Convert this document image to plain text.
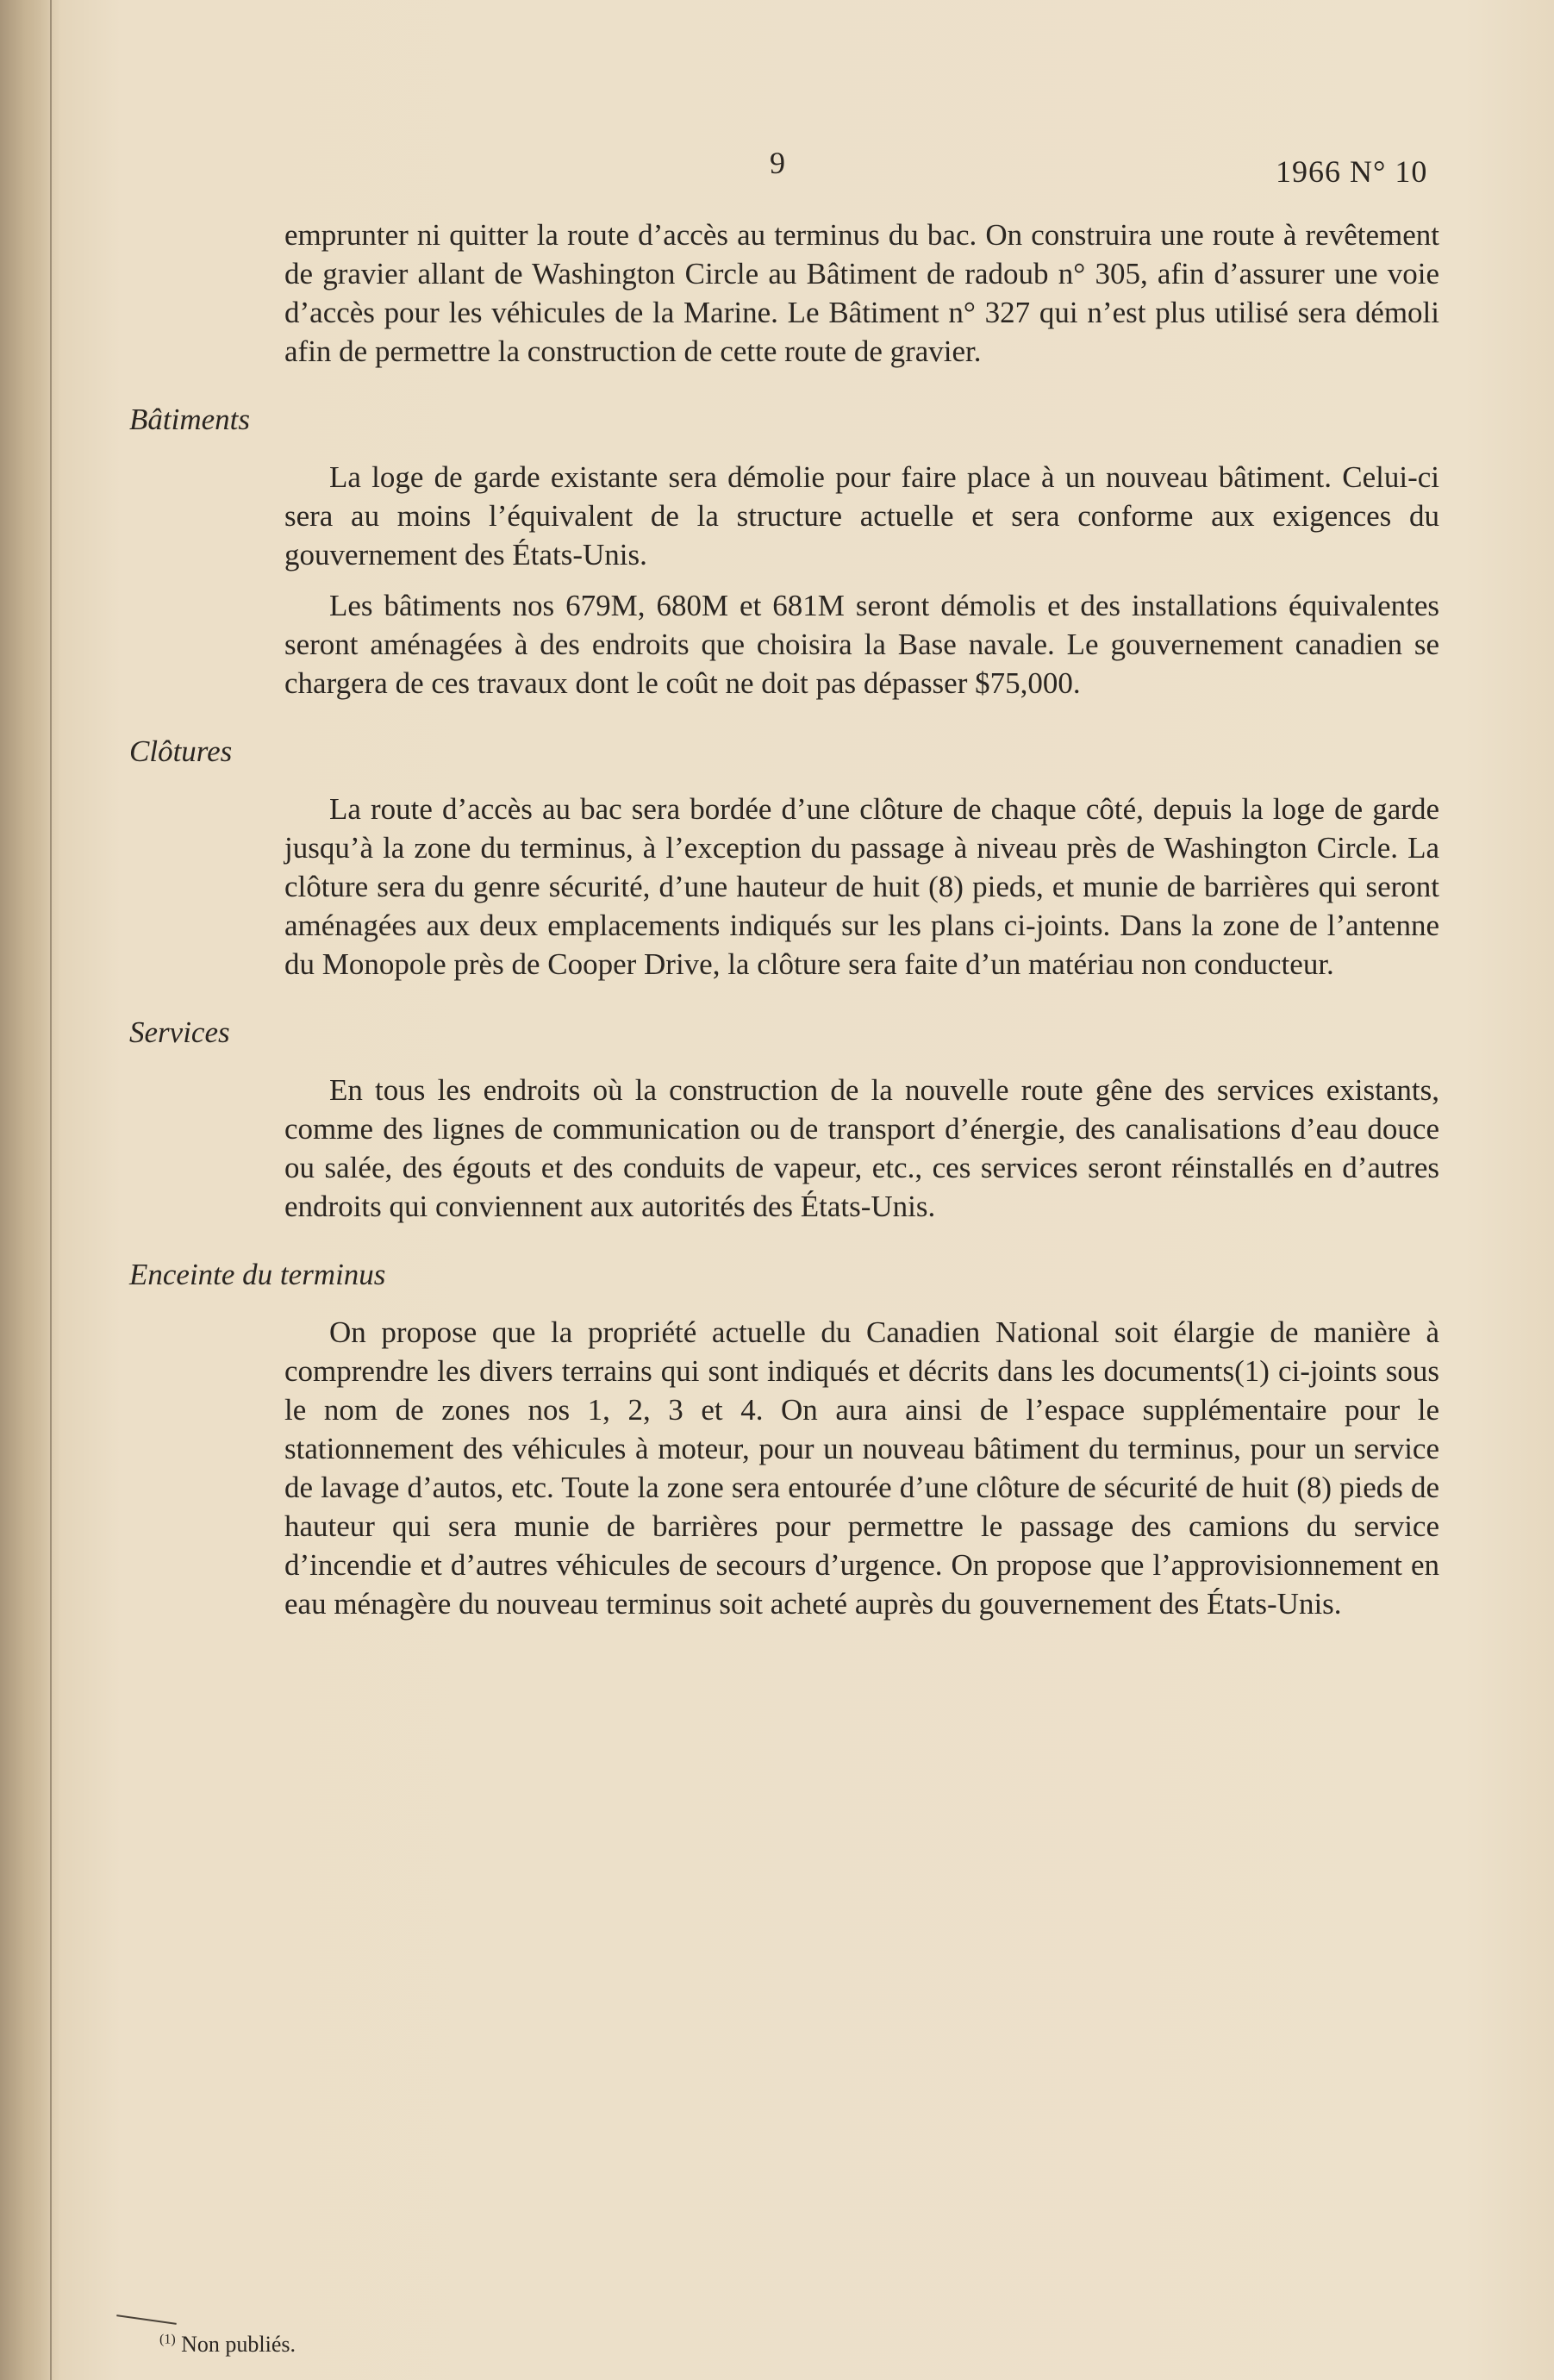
9	1966 N° 10

emprunter ni quitter la route d’accès au terminus du bac. On construira une route à revêtement de gravier allant de Washington Circle au Bâtiment de radoub n° 305, afin d’assurer une voie d’accès pour les véhicules de la Marine. Le Bâtiment n° 327 qui n’est plus utilisé sera démoli afin de permettre la construction de cette route de gravier.

Bâtiments

La loge de garde existante sera démolie pour faire place à un nouveau bâtiment. Celui-ci sera au moins l’équivalent de la structure actuelle et sera conforme aux exigences du gouvernement des États-Unis.

Les bâtiments nos 679M, 680M et 681M seront démolis et des installations équivalentes seront aménagées à des endroits que choisira la Base navale. Le gouvernement canadien se chargera de ces travaux dont le coût ne doit pas dépasser $75,000.

Clôtures

La route d’accès au bac sera bordée d’une clôture de chaque côté, depuis la loge de garde jusqu’à la zone du terminus, à l’exception du passage à niveau près de Washington Circle. La clôture sera du genre sécurité, d’une hauteur de huit (8) pieds, et munie de barrières qui seront aménagées aux deux emplacements indiqués sur les plans ci-joints. Dans la zone de l’antenne du Monopole près de Cooper Drive, la clôture sera faite d’un matériau non conducteur.

Services

En tous les endroits où la construction de la nouvelle route gêne des services existants, comme des lignes de communication ou de transport d’énergie, des canalisations d’eau douce ou salée, des égouts et des conduits de vapeur, etc., ces services seront réinstallés en d’autres endroits qui conviennent aux autorités des États-Unis.

Enceinte du terminus

On propose que la propriété actuelle du Canadien National soit élargie de manière à comprendre les divers terrains qui sont indiqués et décrits dans les documents(1) ci-joints sous le nom de zones nos 1, 2, 3 et 4. On aura ainsi de l’espace supplémentaire pour le stationnement des véhicules à moteur, pour un nouveau bâtiment du terminus, pour un service de lavage d’autos, etc. Toute la zone sera entourée d’une clôture de sécurité de huit (8) pieds de hauteur qui sera munie de barrières pour permettre le passage des camions du service d’incendie et d’autres véhicules de secours d’urgence. On propose que l’approvisionnement en eau ménagère du nouveau terminus soit acheté auprès du gouvernement des États-Unis.

$^{(1)}$ Non publiés.
